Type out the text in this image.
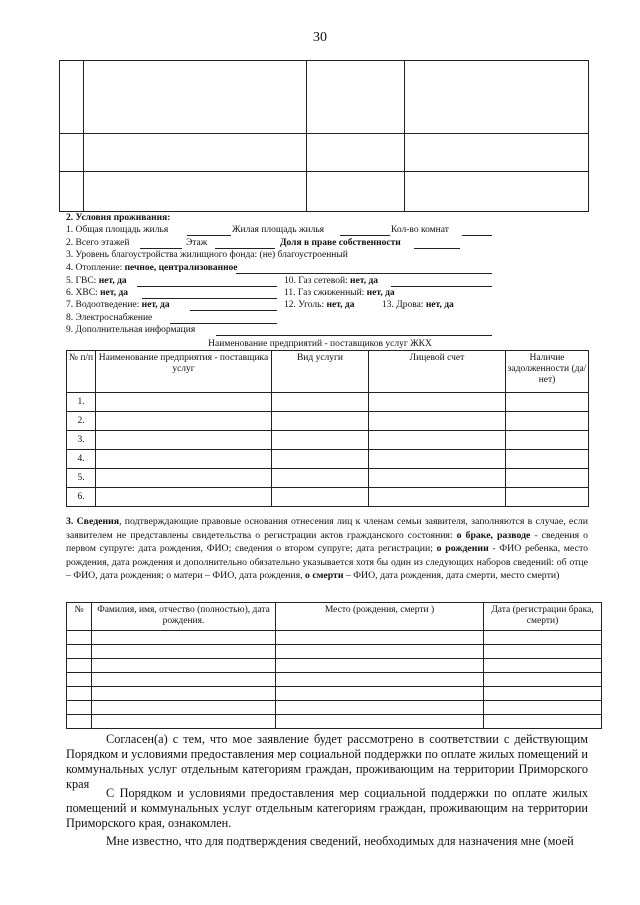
30

2. Условия проживания:
1. Общая площадь жилья	Жилая площадь жилья	Кол-во комнат
2. Всего этажей	Этаж	Доля в праве собственности
3. Уровень благоустройства жилищного фонда: (не) благоустроенный
4. Отопление: печное, централизованное
5. ГВС: нет, да	10. Газ сетевой: нет, да
6. ХВС: нет, да	11. Газ сжиженный: нет, да
7. Водоотведение: нет, да	12. Уголь: нет, да	13. Дрова: нет, да
8. Электроснабжение
9. Дополнительная информация
Наименование предприятий - поставщиков услуг ЖКХ
№ п/п	Наименование предприятия - поставщика услуг	Вид услуги	Лицевой счет	Наличие задолженности (да/нет)
1.				
2.				
3.				
4.				
5.				
6.				
3. Сведения, подтверждающие правовые основания отнесения лиц к членам семьи заявителя, заполняются в случае, если заявителем не представлены свидетельства о регистрации актов гражданского состояния: о браке, разводе - сведения о первом супруге: дата рождения, ФИО; сведения о втором супруге; дата регистрации; о рождении - ФИО ребенка, место рождения, дата рождения и дополнительно обязательно указывается хотя бы один из следующих наборов сведений: об отце – ФИО, дата рождения; о матери – ФИО, дата рождения, о смерти – ФИО, дата рождения, дата смерти, место смерти)
№	Фамилия, имя, отчество (полностью), дата рождения.	Место (рождения, смерти )	Дата (регистрации брака, смерти)

Согласен(а) с тем, что мое заявление будет рассмотрено в соответствии с действующим Порядком и условиями предоставления мер социальной поддержки по оплате жилых помещений и коммунальных услуг отдельным категориям граждан, проживающим на территории Приморского края
С Порядком и условиями предоставления мер социальной поддержки по оплате жилых помещений и коммунальных услуг отдельным категориям граждан, проживающим на территории Приморского края, ознакомлен.
Мне известно, что для подтверждения сведений, необходимых для назначения мне (моей
